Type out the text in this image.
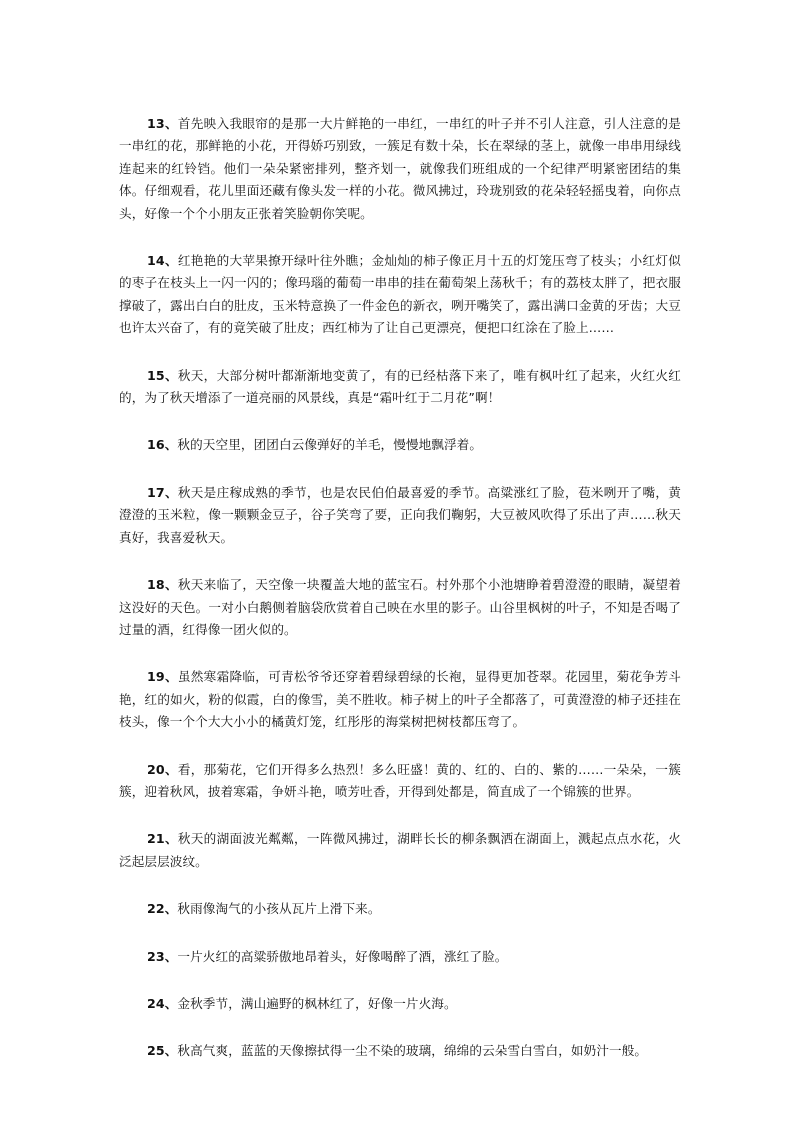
13、首先映入我眼帘的是那一大片鲜艳的一串红，一串红的叶子并不引人注意，引人注意的是一串红的花，那鲜艳的小花，开得娇巧别致，一簇足有数十朵，长在翠绿的茎上，就像一串串用绿线连起来的红铃铛。他们一朵朵紧密排列，整齐划一，就像我们班组成的一个纪律严明紧密团结的集体。仔细观看，花儿里面还藏有像头发一样的小花。微风拂过，玲珑别致的花朵轻轻摇曳着，向你点头，好像一个个小朋友正张着笑脸朝你笑呢。

14、红艳艳的大苹果撩开绿叶往外瞧；金灿灿的柿子像正月十五的灯笼压弯了枝头；小红灯似的枣子在枝头上一闪一闪的；像玛瑙的葡萄一串串的挂在葡萄架上荡秋千；有的荔枝太胖了，把衣服撑破了，露出白白的肚皮，玉米特意换了一件金色的新衣，咧开嘴笑了，露出满口金黄的牙齿；大豆也许太兴奋了，有的竟笑破了肚皮；西红柿为了让自己更漂亮，便把口红涂在了脸上……

15、秋天，大部分树叶都渐渐地变黄了，有的已经枯落下来了，唯有枫叶红了起来，火红火红的，为了秋天增添了一道亮丽的风景线，真是“霜叶红于二月花”啊！

16、秋的天空里，团团白云像弹好的羊毛，慢慢地飘浮着。

17、秋天是庄稼成熟的季节，也是农民伯伯最喜爱的季节。高粱涨红了脸，苞米咧开了嘴，黄澄澄的玉米粒，像一颗颗金豆子，谷子笑弯了要，正向我们鞠躬，大豆被风吹得了乐出了声……秋天真好，我喜爱秋天。

18、秋天来临了，天空像一块覆盖大地的蓝宝石。村外那个小池塘睁着碧澄澄的眼睛，凝望着这没好的天色。一对小白鹅侧着脑袋欣赏着自己映在水里的影子。山谷里枫树的叶子，不知是否喝了过量的酒，红得像一团火似的。

19、虽然寒霜降临，可青松爷爷还穿着碧绿碧绿的长袍，显得更加苍翠。花园里，菊花争芳斗艳，红的如火，粉的似霞，白的像雪，美不胜收。柿子树上的叶子全都落了，可黄澄澄的柿子还挂在枝头，像一个个大大小小的橘黄灯笼，红彤彤的海棠树把树枝都压弯了。

20、看，那菊花，它们开得多么热烈！多么旺盛！黄的、红的、白的、紫的……一朵朵，一簇簇，迎着秋风，披着寒霜，争妍斗艳，喷芳吐香，开得到处都是，简直成了一个锦簇的世界。

21、秋天的湖面波光粼粼，一阵微风拂过，湖畔长长的柳条飘洒在湖面上，溅起点点水花，火泛起层层波纹。

22、秋雨像淘气的小孩从瓦片上滑下来。

23、一片火红的高粱骄傲地昂着头，好像喝醉了酒，涨红了脸。

24、金秋季节，满山遍野的枫林红了，好像一片火海。

25、秋高气爽，蓝蓝的天像擦拭得一尘不染的玻璃，绵绵的云朵雪白雪白，如奶汁一般。
